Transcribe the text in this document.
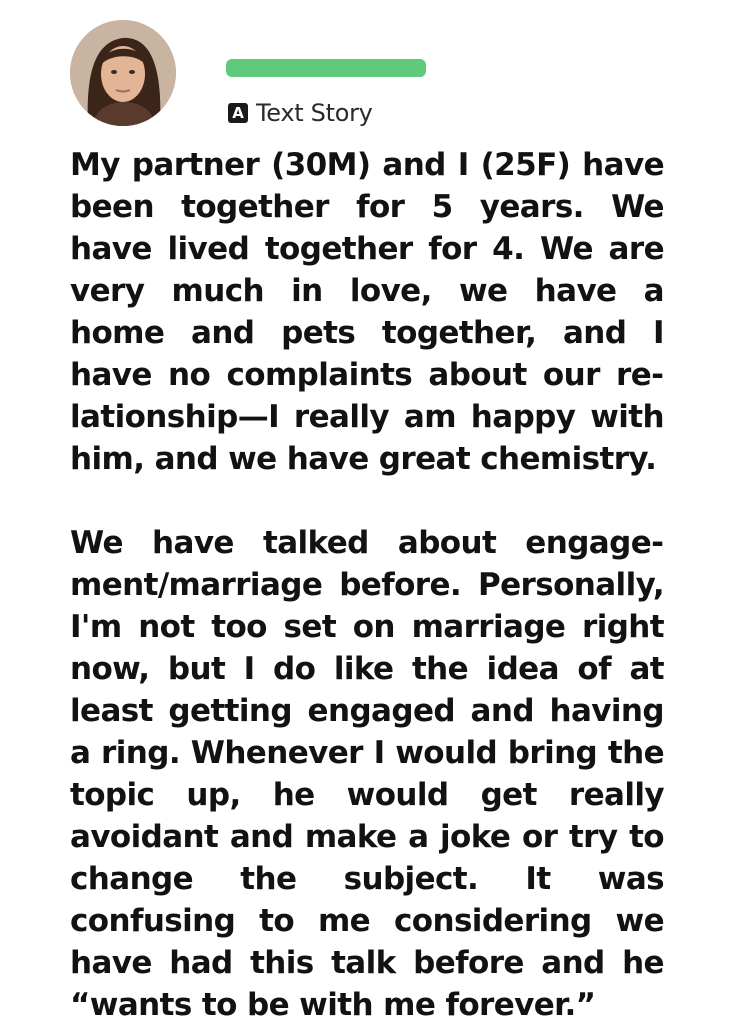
A Text Story

My partner (30M) and I (25F) have been together for 5 years. We have lived together for 4. We are very much in love, we have a home and pets together, and I have no complaints about our relationship—I really am happy with him, and we have great chemistry.

We have talked about engagement/marriage before. Personally, I'm not too set on marriage right now, but I do like the idea of at least getting engaged and having a ring. Whenever I would bring the topic up, he would get really avoidant and make a joke or try to change the subject. It was confusing to me considering we have had this talk before and he “wants to be with me forever.”
